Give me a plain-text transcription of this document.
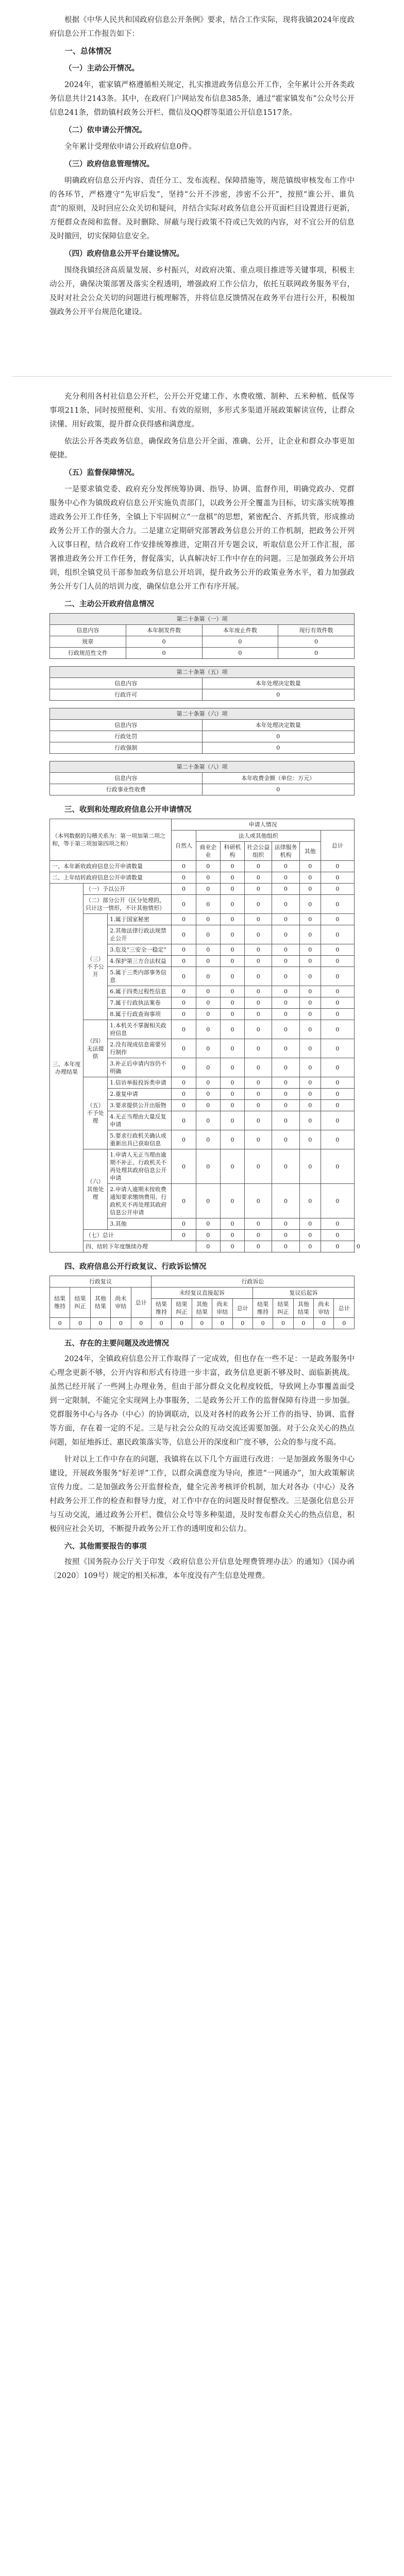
根据《中华人民共和国政府信息公开条例》要求，结合工作实际，现将我镇2024年度政府信息公开工作报告如下：

一、总体情况
（一）主动公开情况。

2024年，霍家镇严格遵循相关规定，扎实推进政务信息公开工作，全年累计公开各类政务信息共计2143条。其中，在政府门户网站发布信息385条，通过“霍家镇发布”公众号公开信息241条，借助镇村政务公开栏、微信及QQ群等渠道公开信息1517条。

（二）依申请公开情况。

全年累计受理依申请公开政府信息0件。

（三）政府信息管理情况。

明确政府信息公开内容、责任分工、发布流程、保障措施等，规范镇级审核发布工作中的各环节，严格遵守“先审后发”，坚持“公开不涉密，涉密不公开”，按照“谁公开、谁负责”的原则，及时回应公众关切和疑问，并结合实际对政务信息公开页面栏目设置进行更新，方便群众查阅和监督。及时删除、屏蔽与现行政策不符或已失效的内容，对不宜公开的信息及时撤回，切实保障信息安全。

（四）政府信息公开平台建设情况。

围绕我镇经济高质量发展、乡村振兴，对政府决策、重点项目推进等关键事项，积极主动公开，确保决策部署及落实全程透明，增强政府工作公信力，依托互联网政务服务平台，及时对社会公众关切的问题进行梳理解答，并将信息反馈情况在政务平台进行公开，积极加强政务公开平台规范化建设。

充分利用各村社信息公开栏，公开公开党建工作、水费收缴、制种、五米种植、低保等事项211条，同时按照便利、实用、有效的原则，多形式多渠道开展政策解读宣传，让群众读懂、用好政策，提升群众获得感和满意度。

依法公开各类政务信息，确保政务信息公开全面、准确、公开，让企业和群众办事更加便捷。

（五）监督保障情况。

一是要求镇党委、政府充分发挥统筹协调、指导、协调、监督作用，明确党政办、党群服务中心作为镇级政府信息公开实施负责部门，以政务公开全覆盖为目标，切实落实统筹推进政务公开工作任务，全镇上下牢固树立“一盘棋”的思想，紧密配合、齐抓共管，形成推动政务公开工作的强大合力。二是建立定期研究部署政务信息公开的工作机制，把政务公开列入议事日程，结合政府工作安排统筹推进，定期召开专题会议，听取信息公开工作汇报，部署推进政务公开工作任务，督促落实，认真解决好工作中存在的问题。三是加强政务公开培训，组织全镇党员干部参加政务信息公开培训，提升政务公开的政策业务水平，着力加强政务公开专门人员的培训力度，确保信息公开工作有序开展。

二、主动公开政府信息情况
第二十条第（一）项			
信息内容	本年制发件数	本年废止件数	现行有效件数
规章	0	0	0
行政规范性文件	0	0	0
第二十条第（五）项	
信息内容	本年处理决定数量
行政许可	0
第二十条第（六）项	
信息内容	本年处理决定数量
行政处罚	0
行政强制	0
第二十条第（八）项	
信息内容	本年收费金额（单位：万元）
行政事业性收费	0
三、收到和处理政府信息公开申请情况
（本列数据的勾稽关系为：第一项加第二项之和，等于第三项加第四项之和）			申请人情况							
			自然人	法人或其他组织					总计	
				商业企业	科研机构	社会公益组织	法律服务机构	其他		
一、本年新收政府信息公开申请数量			0	0	0	0	0	0	0	
二、上年结转政府信息公开申请数量			0	0	0	0	0	0	0	
三、本年度办理结果	（一）予以公开		0	0	0	0	0	0	0	
	（二）部分公开（区分处理的，只计这一情形，不计其他情形）		0	0	0	0	0	0	0	
	（三）不予公开	1.属于国家秘密	0	0	0	0	0	0	0	
		2.其他法律行政法规禁止公开	0	0	0	0	0	0	0	
		3.危及“三安全一稳定”	0	0	0	0	0	0	0	
		4.保护第三方合法权益	0	0	0	0	0	0	0	
		5.属于三类内部事务信息	0	0	0	0	0	0	0	
		6.属于四类过程性信息	0	0	0	0	0	0	0	
		7.属于行政执法案卷	0	0	0	0	0	0	0	
		8.属于行政查询事项	0	0	0	0	0	0	0	
	（四）无法提供	1.本机关不掌握相关政府信息	0	0	0	0	0	0	0	
		2.没有现成信息需要另行制作	0	0	0	0	0	0	0	
		3.补正后申请内容仍不明确	0	0	0	0	0	0	0	
	（五）不予处理	1.信访举报投诉类申请	0	0	0	0	0	0	0	
		2.重复申请	0	0	0	0	0	0	0	
		3.要求提供公开出版物	0	0	0	0	0	0	0	
		4.无正当理由大量反复申请	0	0	0	0	0	0	0	
		5.要求行政机关确认或重新出具已获取信息	0	0	0	0	0	0	0	
	（六）其他处理	1.申请人无正当理由逾期不补正、行政机关不再处理其政府信息公开申请	0	0	0	0	0	0	0	
		2.申请人逾期未按收费通知要求缴纳费用、行政机关不再处理其政府信息公开申请	0	0	0	0	0	0	0	
		3.其他	0	0	0	0	0	0	0	
	（七）总计		0	0	0	0	0	0	0	
	四、结转下年度继续办理			0	0	0	0	0	0	0
四、政府信息公开行政复议、行政诉讼情况
行政复议					行政诉讼									
结果维持	结果纠正	其他结果	尚未审结	总计	未经复议直接起诉					复议后起诉				
					结果维持	结果纠正	其他结果	尚未审结	总计	结果维持	结果纠正	其他结果	尚未审结	总计
0	0	0	0	0	0	0	0	0	0	0	0	0	0	0
五、存在的主要问题及改进情况

2024年，全镇政府信息公开工作取得了一定成效，但也存在一些不足：一是政务服务中心理念更新不够，公开内容和形式有待进一步丰富，政务信息更新不够及时、面临新挑战。虽然已经开展了一些网上办理业务，但由于部分群众文化程度较低，导致网上办事覆盖面受到一定限制，不能完全实现网上办事服务，二是政务公开工作的监督保障有待进一步加强。党群服务中心与各办（中心）的协调联动，以及对各村的政务公开工作的指导、协调、监督等方面，存在着一定的不足。三是与社会公众的互动交流还需要加强。对于公众关心的热点问题，如征地拆迁、惠民政策落实等，信息公开的深度和广度不够，公众的参与度不高。

针对以上工作中存在的问题，我镇将在以下几个方面进行改进：一是加强政务服务中心建设，开展政务服务“好差评”工作，以群众满意度为导向，推进“一网通办”，加大政策解读宣传力度。二是加强政务公开监督检查，健全完善考核评价机制，加大对各办（中心）及各村政务公开工作的检查和督导力度，对工作中存在的问题及时督促整改。三是强化信息公开与互动交流，通过政务公开栏、微信公众号等多种渠道，及时发布群众关心的热点信息，积极回应社会关切，不断提升政务公开工作的透明度和公信力。

六、其他需要报告的事项

按照《国务院办公厅关于印发〈政府信息公开信息处理费管理办法〉的通知》（国办函〔2020〕109号）规定的相关标准，本年度没有产生信息处理费。
